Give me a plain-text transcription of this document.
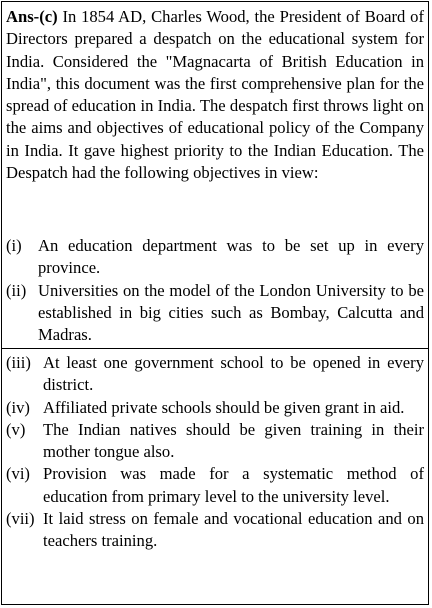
Ans-(c) In 1854 AD, Charles Wood, the President of Board of Directors prepared a despatch on the educational system for India. Considered the "Magnacarta of British Education in India", this document was the first comprehensive plan for the spread of education in India. The despatch first throws light on the aims and objectives of educational policy of the Company in India. It gave highest priority to the Indian Education. The Despatch had the following objectives in view:
(i) An education department was to be set up in every province.
(ii) Universities on the model of the London University to be established in big cities such as Bombay, Calcutta and Madras.
(iii) At least one government school to be opened in every district.
(iv) Affiliated private schools should be given grant in aid.
(v)	The Indian natives should be given training in their mother tongue also.
(vi) Provision was made for a systematic method of education from primary level to the university level.
(vii) It laid stress on female and vocational education and on teachers training.
